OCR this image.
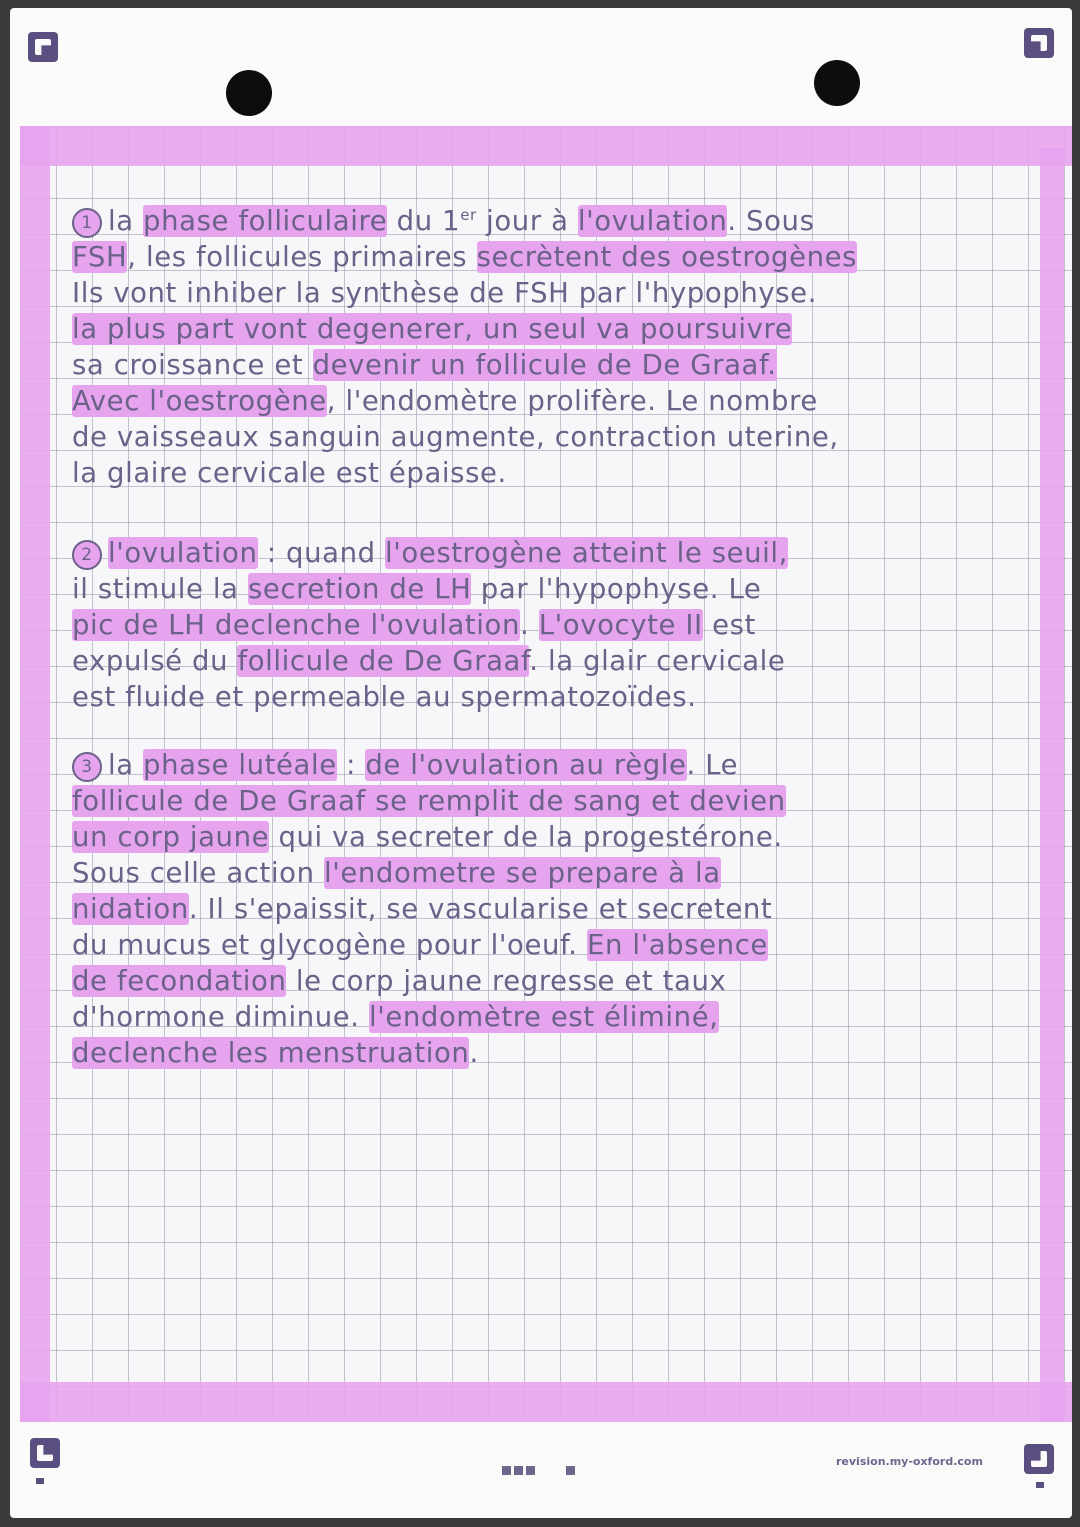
1 la phase folliculaire du 1er jour à l'ovulation. Sous
FSH, les follicules primaires secrètent des oestrogènes
Ils vont inhiber la synthèse de FSH par l'hypophyse.
la plus part vont degenerer, un seul va poursuivre
sa croissance et devenir un follicule de De Graaf.
Avec l'oestrogène, l'endomètre prolifère. Le nombre
de vaisseaux sanguin augmente, contraction uterine,
la glaire cervicale est épaisse.
2 l'ovulation : quand l'oestrogène atteint le seuil,
il stimule la secretion de LH par l'hypophyse. Le
pic de LH declenche l'ovulation. L'ovocyte II est
expulsé du follicule de De Graaf. la glair cervicale
est fluide et permeable au spermatozoïdes.
3 la phase lutéale : de l'ovulation au règle. Le
follicule de De Graaf se remplit de sang et devien
un corp jaune qui va secreter de la progestérone.
Sous celle action l'endometre se prepare à la
nidation. Il s'epaissit, se vascularise et secretent
du mucus et glycogène pour l'oeuf. En l'absence
de fecondation le corp jaune regresse et taux
d'hormone diminue. l'endomètre est éliminé,
declenche les menstruation.
revision.my-oxford.com
